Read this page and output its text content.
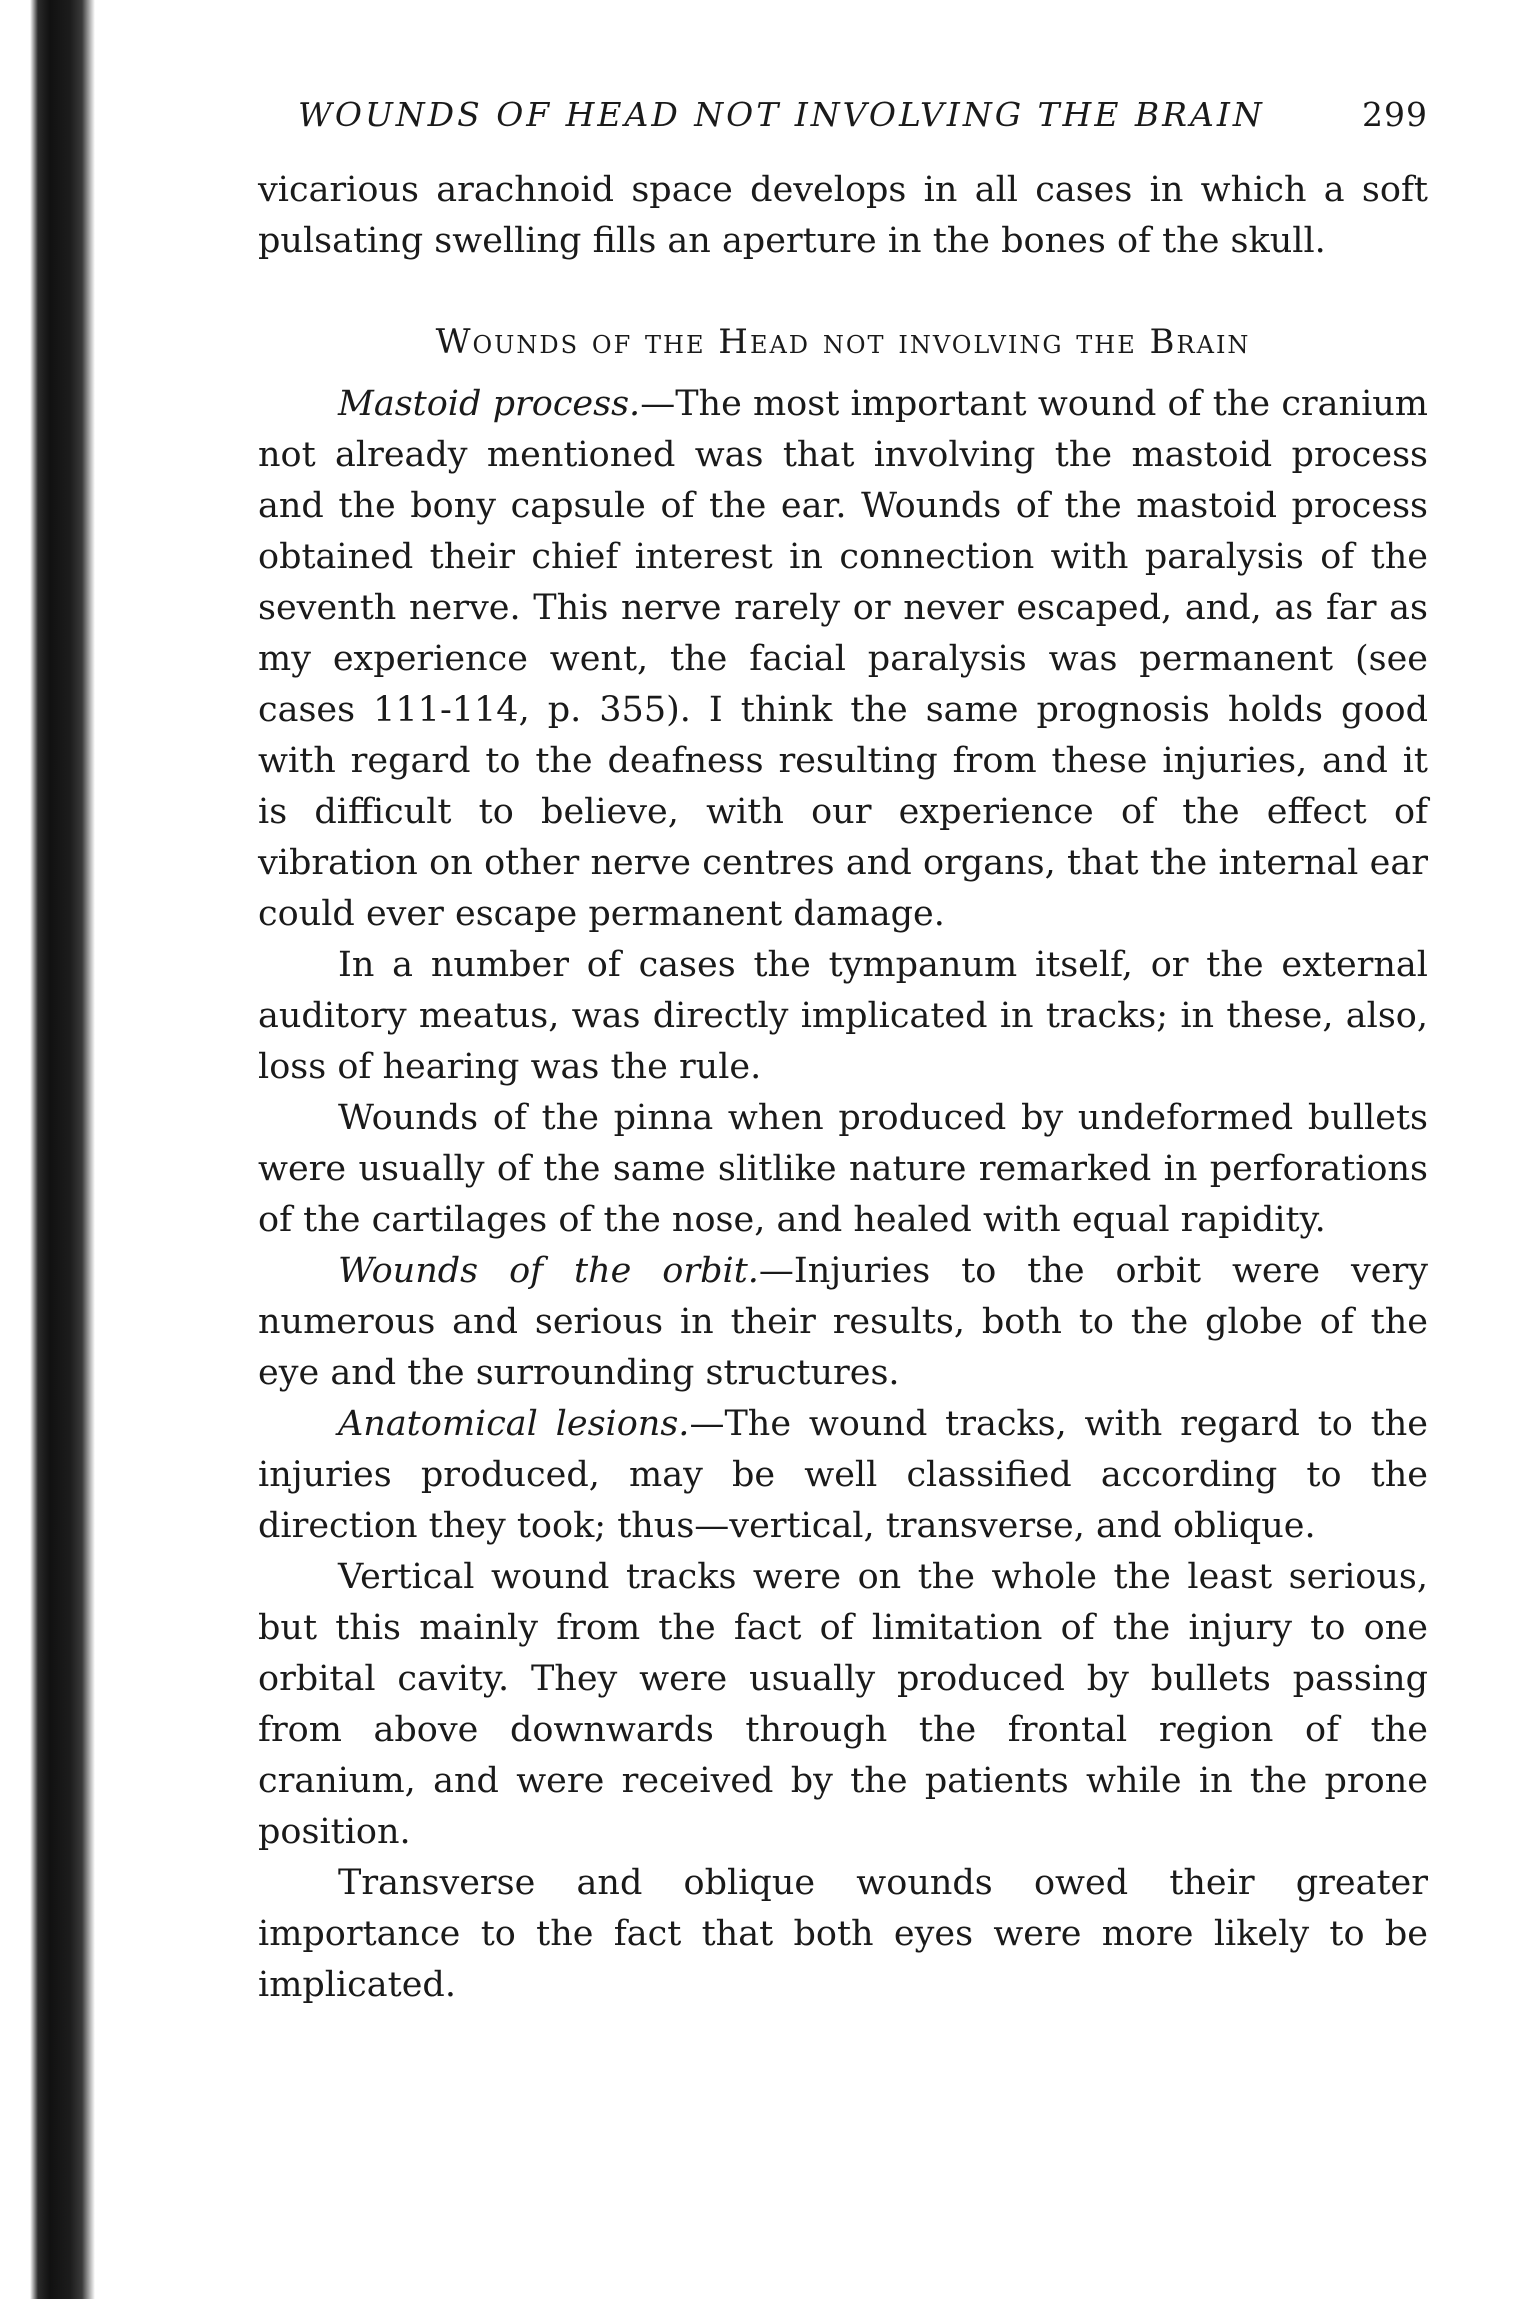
WOUNDS OF HEAD NOT INVOLVING THE BRAIN	299

vicarious arachnoid space develops in all cases in which a soft pulsating swelling fills an aperture in the bones of the skull.

Wounds of the Head not involving the Brain

Mastoid process.—The most important wound of the cranium not already mentioned was that involving the mastoid process and the bony capsule of the ear. Wounds of the mastoid process obtained their chief interest in connection with paralysis of the seventh nerve. This nerve rarely or never escaped, and, as far as my experience went, the facial paralysis was permanent (see cases 111-114, p. 355). I think the same prognosis holds good with regard to the deafness resulting from these injuries, and it is difficult to believe, with our experience of the effect of vibration on other nerve centres and organs, that the internal ear could ever escape permanent damage.

In a number of cases the tympanum itself, or the external auditory meatus, was directly implicated in tracks; in these, also, loss of hearing was the rule.

Wounds of the pinna when produced by undeformed bullets were usually of the same slitlike nature remarked in perforations of the cartilages of the nose, and healed with equal rapidity.

Wounds of the orbit.—Injuries to the orbit were very numerous and serious in their results, both to the globe of the eye and the surrounding structures.

Anatomical lesions.—The wound tracks, with regard to the injuries produced, may be well classified according to the direction they took; thus—vertical, transverse, and oblique.

Vertical wound tracks were on the whole the least serious, but this mainly from the fact of limitation of the injury to one orbital cavity. They were usually produced by bullets passing from above downwards through the frontal region of the cranium, and were received by the patients while in the prone position.

Transverse and oblique wounds owed their greater importance to the fact that both eyes were more likely to be implicated.
